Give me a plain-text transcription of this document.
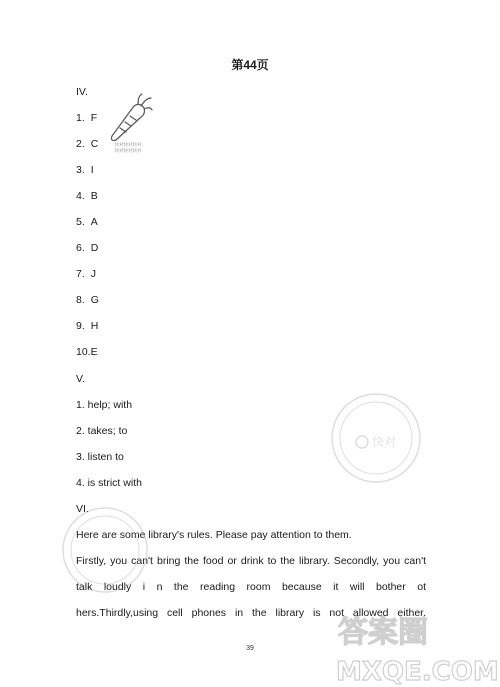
第44页
IV.
1. F
2. C
3. I
4. B
5. A
6. D
7. J
8. G
9. H
10.E
V.
1. help; with
2. takes; to
3. listen to
4. is strict with
VI.
Here are some library's rules. Please pay attention to them.
Firstly, you can't bring the food or drink to the library. Secondly, you can't
talk loudly i n the reading room because it will bother ot
hers.Thirdly,using cell phones in the library is not allowed either.
39
快对快对快对
快对快对快对
快对
答案圈
MXQE.COM
